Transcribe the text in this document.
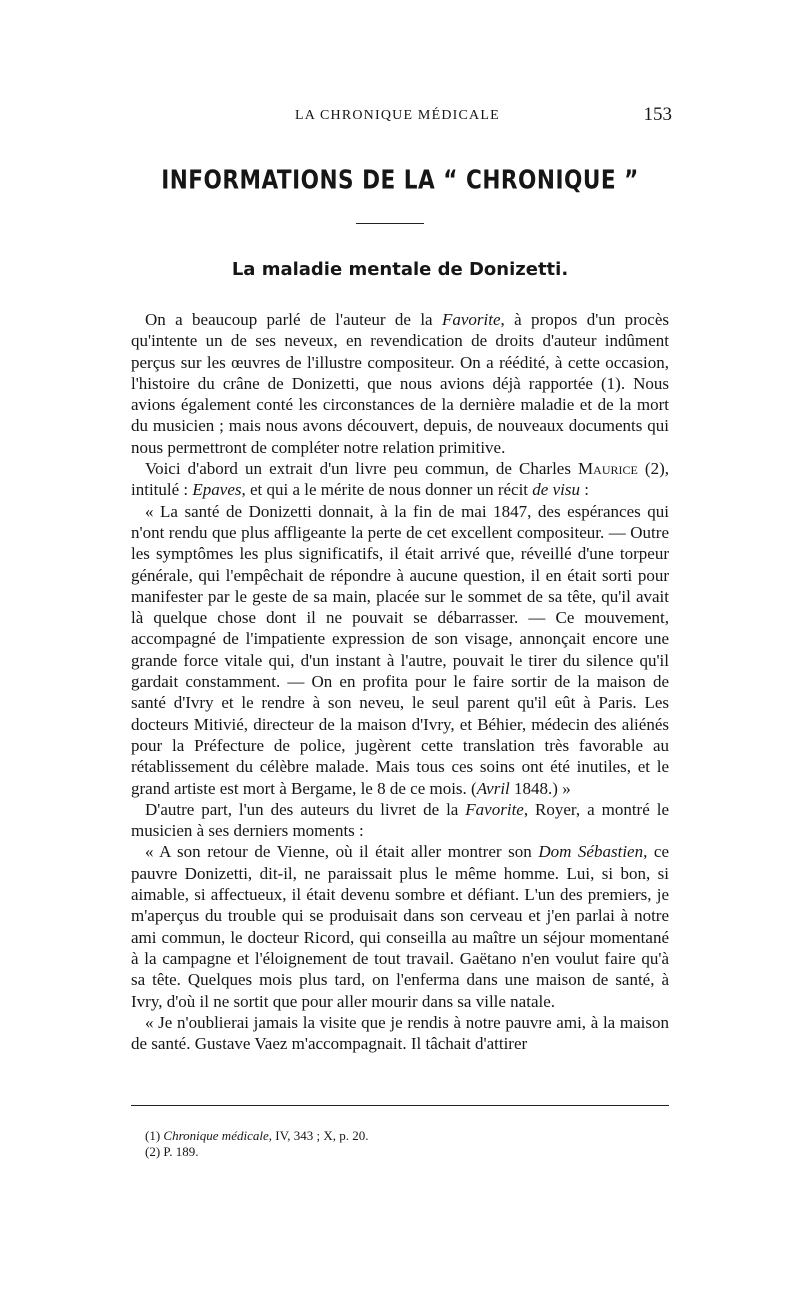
LA CHRONIQUE MÉDICALE	153
INFORMATIONS DE LA “ CHRONIQUE ”
La maladie mentale de Donizetti.

On a beaucoup parlé de l'auteur de la Favorite, à propos d'un procès qu'intente un de ses neveux, en revendication de droits d'auteur indûment perçus sur les œuvres de l'illustre compositeur. On a réédité, à cette occasion, l'histoire du crâne de Donizetti, que nous avions déjà rapportée (1). Nous avions également conté les circonstances de la dernière maladie et de la mort du musicien ; mais nous avons découvert, depuis, de nouveaux documents qui nous permettront de compléter notre relation primitive.

Voici d'abord un extrait d'un livre peu commun, de Charles Maurice (2), intitulé : Epaves, et qui a le mérite de nous donner un récit de visu :

« La santé de Donizetti donnait, à la fin de mai 1847, des espérances qui n'ont rendu que plus affligeante la perte de cet excellent compositeur. — Outre les symptômes les plus significatifs, il était arrivé que, réveillé d'une torpeur générale, qui l'empêchait de répondre à aucune question, il en était sorti pour manifester par le geste de sa main, placée sur le sommet de sa tête, qu'il avait là quelque chose dont il ne pouvait se débarrasser. — Ce mouvement, accompagné de l'impatiente expression de son visage, annonçait encore une grande force vitale qui, d'un instant à l'autre, pouvait le tirer du silence qu'il gardait constamment. — On en profita pour le faire sortir de la maison de santé d'Ivry et le rendre à son neveu, le seul parent qu'il eût à Paris. Les docteurs Mitivié, directeur de la maison d'Ivry, et Béhier, médecin des aliénés pour la Préfecture de police, jugèrent cette translation très favorable au rétablissement du célèbre malade. Mais tous ces soins ont été inutiles, et le grand artiste est mort à Bergame, le 8 de ce mois. (Avril 1848.) »

D'autre part, l'un des auteurs du livret de la Favorite, Royer, a montré le musicien à ses derniers moments :

« A son retour de Vienne, où il était aller montrer son Dom Sébastien, ce pauvre Donizetti, dit-il, ne paraissait plus le même homme. Lui, si bon, si aimable, si affectueux, il était devenu sombre et défiant. L'un des premiers, je m'aperçus du trouble qui se produisait dans son cerveau et j'en parlai à notre ami commun, le docteur Ricord, qui conseilla au maître un séjour momentané à la campagne et l'éloignement de tout travail. Gaëtano n'en voulut faire qu'à sa tête. Quelques mois plus tard, on l'enferma dans une maison de santé, à Ivry, d'où il ne sortit que pour aller mourir dans sa ville natale.

« Je n'oublierai jamais la visite que je rendis à notre pauvre ami, à la maison de santé. Gustave Vaez m'accompagnait. Il tâchait d'attirer

(1) Chronique médicale, IV, 343 ; X, p. 20.
(2) P. 189.
